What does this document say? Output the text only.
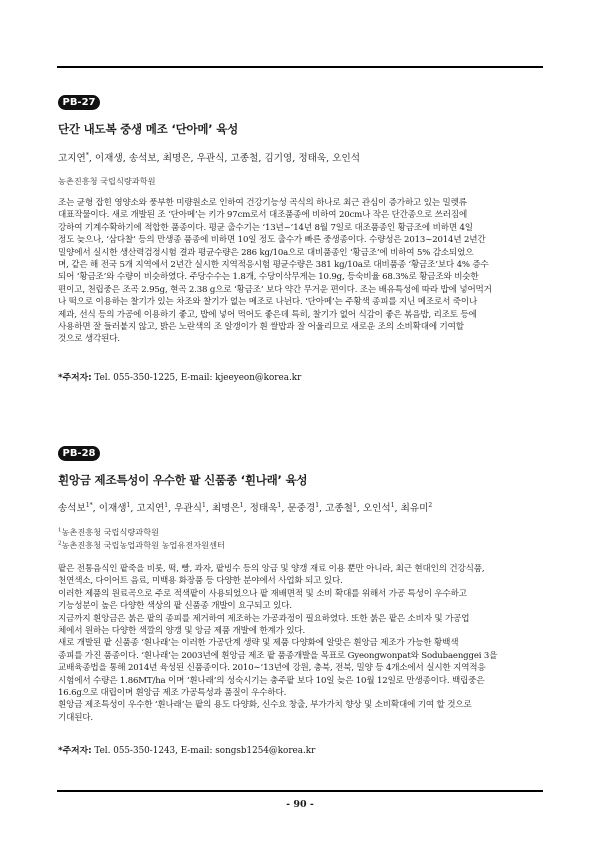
PB-27
단간 내도복 중생 메조 ‘단아메’ 육성
고지연*, 이재생, 송석보, 최명은, 우관식, 고종철, 김기영, 정태욱, 오인석
농촌진흥청 국립식량과학원
조는 균형 잡힌 영양소와 풍부한 미량원소로 인하여 건강기능성 곡식의 하나로 최근 관심이 증가하고 있는 밀렛류
대표작물이다. 새로 개발된 조 ‘단아메’는 키가 97cm로서 대조품종에 비하여 20cm나 작은 단간종으로 쓰러짐에
강하여 기계수확하기에 적합한 품종이다. 평균 출수기는 ‘13년~’14년 8월 7일로 대조품종인 황금조에 비하면 4일
정도 늦으나, ‘삼다찰’ 등의 만생종 품종에 비하면 10일 정도 출수가 빠른 중생종이다. 수량성은 2013~2014년 2년간
밀양에서 실시한 생산력검정시험 결과 평균수량은 286 kg/10a으로 대비품종인 ‘황금조’에 비하여 5% 감소되었으
며, 같은 해 전국 5개 지역에서 2년간 실시한 지역적응시험 평균수량은 381 kg/10a로 대비품종 ‘황금조’보다 4% 증수
되어 ‘황금조’와 수량이 비슷하였다. 주당수수는 1.8개, 수당이삭무게는 10.9g, 등숙비율 68.3%로 황금조와 비슷한
편이고, 천립중은 조곡 2.95g, 현곡 2.38 g으로 ‘황금조’ 보다 약간 무거운 편이다. 조는 배유특성에 따라 밥에 넣어먹거
나 떡으로 이용하는 찰기가 있는 차조와 찰기가 없는 메조로 나뉜다. ‘단아메’는 주황색 종피를 지닌 메조로서 죽이나
제과, 선식 등의 가공에 이용하기 좋고, 밥에 넣어 먹어도 좋은데 특히, 찰기가 없어 식감이 좋은 볶음밥, 리조토 등에
사용하면 잘 들러붙지 않고, 밝은 노란색의 조 알갱이가 흰 쌀밥과 잘 어울리므로 새로운 조의 소비확대에 기여할
것으로 생각된다.
*주저자: Tel. 055-350-1225, E-mail: kjeeyeon@korea.kr
PB-28
흰앙금 제조특성이 우수한 팥 신품종 ‘흰나래’ 육성
송석보$^{1*}$, 이재생$^1$, 고지연$^1$, 우관식$^1$, 최명은$^1$, 정태욱$^1$, 문중경$^1$, 고종철$^1$, 오인석$^1$, 최유미$^2$
$^1$농촌진흥청 국립식량과학원
$^2$농촌진흥청 국립농업과학원 농업유전자원센터
팥은 전통음식인 팥죽을 비롯, 떡, 빵, 과자, 팥빙수 등의 앙금 및 양갱 재료 이용 뿐만 아니라, 최근 현대인의 건강식품,
천연색소, 다이어트 음료, 미백용 화장품 등 다양한 분야에서 사업화 되고 있다.
이러한 제품의 원료곡으로 주로 적색팥이 사용되었으나 팥 재배면적 및 소비 확대를 위해서 가공 특성이 우수하고
기능성분이 높은 다양한 색상의 팥 신품종 개발이 요구되고 있다.
지금까지 흰앙금은 붉은 팥의 종피를 제거하여 제조하는 가공과정이 필요하였다. 또한 붉은 팥은 소비자 및 가공업
체에서 원하는 다양한 색깔의 양갱 및 앙금 제품 개발에 한계가 있다.
새로 개발된 팥 신품종 ‘흰나래’는 이러한 가공단계 생략 및 제품 다양화에 알맞은 흰앙금 제조가 가능한 황백색
종피를 가진 품종이다. ‘흰나래’는 2003년에 흰앙금 제조 팥 품종개발을 목표로 Gyeongwonpat와 Sodubaenggei 3을
교배육종법을 통해 2014년 육성된 신품종이다. 2010∼’13년에 강원, 충북, 전북, 밀양 등 4개소에서 실시한 지역적응
시험에서 수량은 1.86MT/ha 이며 ‘흰나래’의 성숙시기는 충주팥 보다 10일 늦은 10월 12일로 만생종이다. 백립중은
16.6g으로 대립이며 흰앙금 제조 가공특성과 품질이 우수하다.
흰앙금 제조특성이 우수한 ‘흰나래’는 팥의 용도 다양화, 신수요 창출, 부가가치 향상 및 소비확대에 기여 할 것으로
기대된다.
*주저자: Tel. 055-350-1243, E-mail: songsb1254@korea.kr
- 90 -
